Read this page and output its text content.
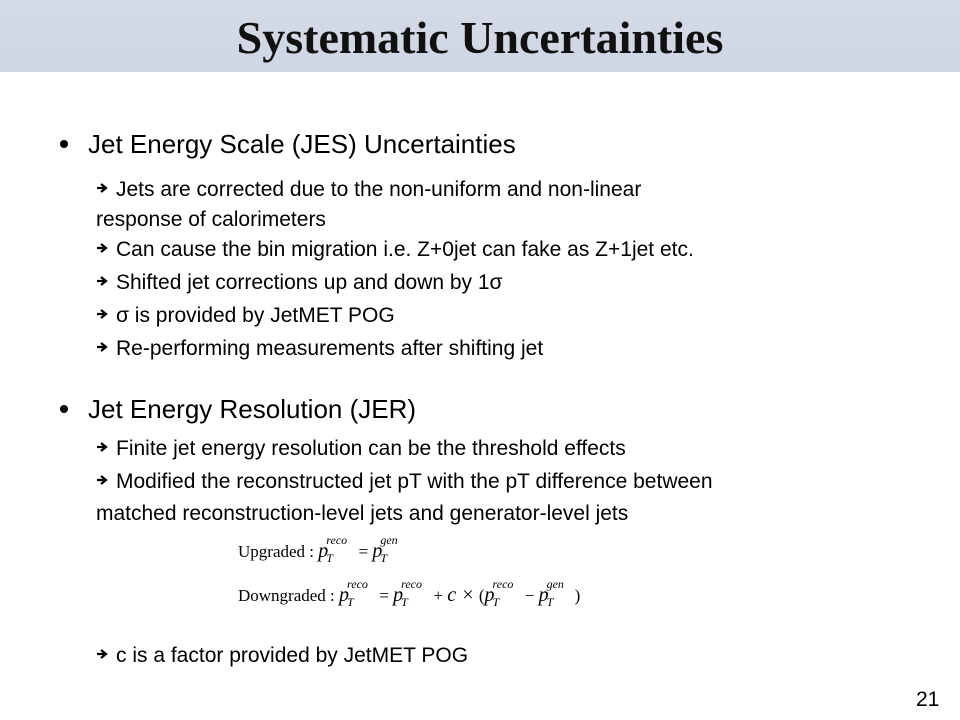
Systematic Uncertainties
Jet Energy Scale (JES) Uncertainties
Jets are corrected due to the non-uniform and non-linear
response of calorimeters
Can cause the bin migration i.e. Z+0jet can fake as Z+1jet etc.
Shifted jet corrections up and down by 1σ
σ is provided by JetMET POG
Re-performing measurements after shifting jet
Jet Energy Resolution (JER)
Finite jet energy resolution can be the threshold effects
Modified the reconstructed jet pT with the pT difference between
matched reconstruction-level jets and generator-level jets
Upgraded : p
reco
T = p
gen
T
Downgraded : p
reco
T = p
reco
T + c × (p
reco
T − p
gen
T )
c is a factor provided by JetMET POG
21
